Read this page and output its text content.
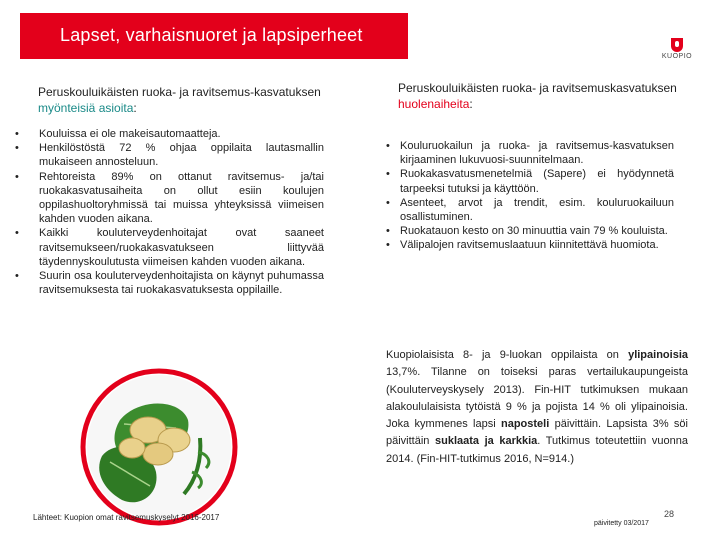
Lapset, varhaisnuoret ja lapsiperheet
KUOPIO
Peruskouluikäisten ruoka- ja ravitsemus-kasvatuksen myönteisiä asioita:
• Kouluissa ei ole makeisautomaatteja.
• Henkilöstöstä 72 % ohjaa oppilaita lautasmallin mukaiseen annosteluun.
• Rehtoreista 89% on ottanut ravitsemus- ja/tai ruokakasvatusaiheita on ollut esiin koulujen oppilashuoltoryhmissä tai muissa yhteyksissä viimeisen kahden vuoden aikana.
• Kaikki kouluterveydenhoitajat ovat saaneet ravitsemukseen/ruokakasvatukseen liittyvää täydennyskoulutusta viimeisen kahden vuoden aikana.
• Suurin osa kouluterveydenhoitajista on käynyt puhumassa ravitsemuksesta tai ruokakasvatuksesta oppilaille.
Peruskouluikäisten ruoka- ja ravitsemuskasvatuksen huolenaiheita:
• Kouluruokailun ja ruoka- ja ravitsemus-kasvatuksen kirjaaminen lukuvuosi-suunnitelmaan.
• Ruokakasvatusmenetelmiä (Sapere) ei hyödynnetä tarpeeksi tutuksi ja käyttöön.
• Asenteet, arvot ja trendit, esim. kouluruokailuun osallistuminen.
• Ruokatauon kesto on 30 minuuttia vain 79 % kouluista.
• Välipalojen ravitsemuslaatuun kiinnitettävä huomiota.
Kuopiolaisista 8- ja 9-luokan oppilaista on ylipainoisia 13,7%. Tilanne on toiseksi paras vertailukaupungeista (Kouluterveyskysely 2013). Fin-HIT tutkimuksen mukaan alakoululaisista tytöistä 9 % ja pojista 14 % oli ylipainoisia. Joka kymmenes lapsi naposteli päivittäin. Lapsista 3% söi päivittäin suklaata ja karkkia. Tutkimus toteutettiin vuonna 2014. (Fin-HIT-tutkimus 2016, N=914.)
Lähteet: Kuopion omat ravitsemuskyselyt 2016-2017
päivitetty 03/2017
28
